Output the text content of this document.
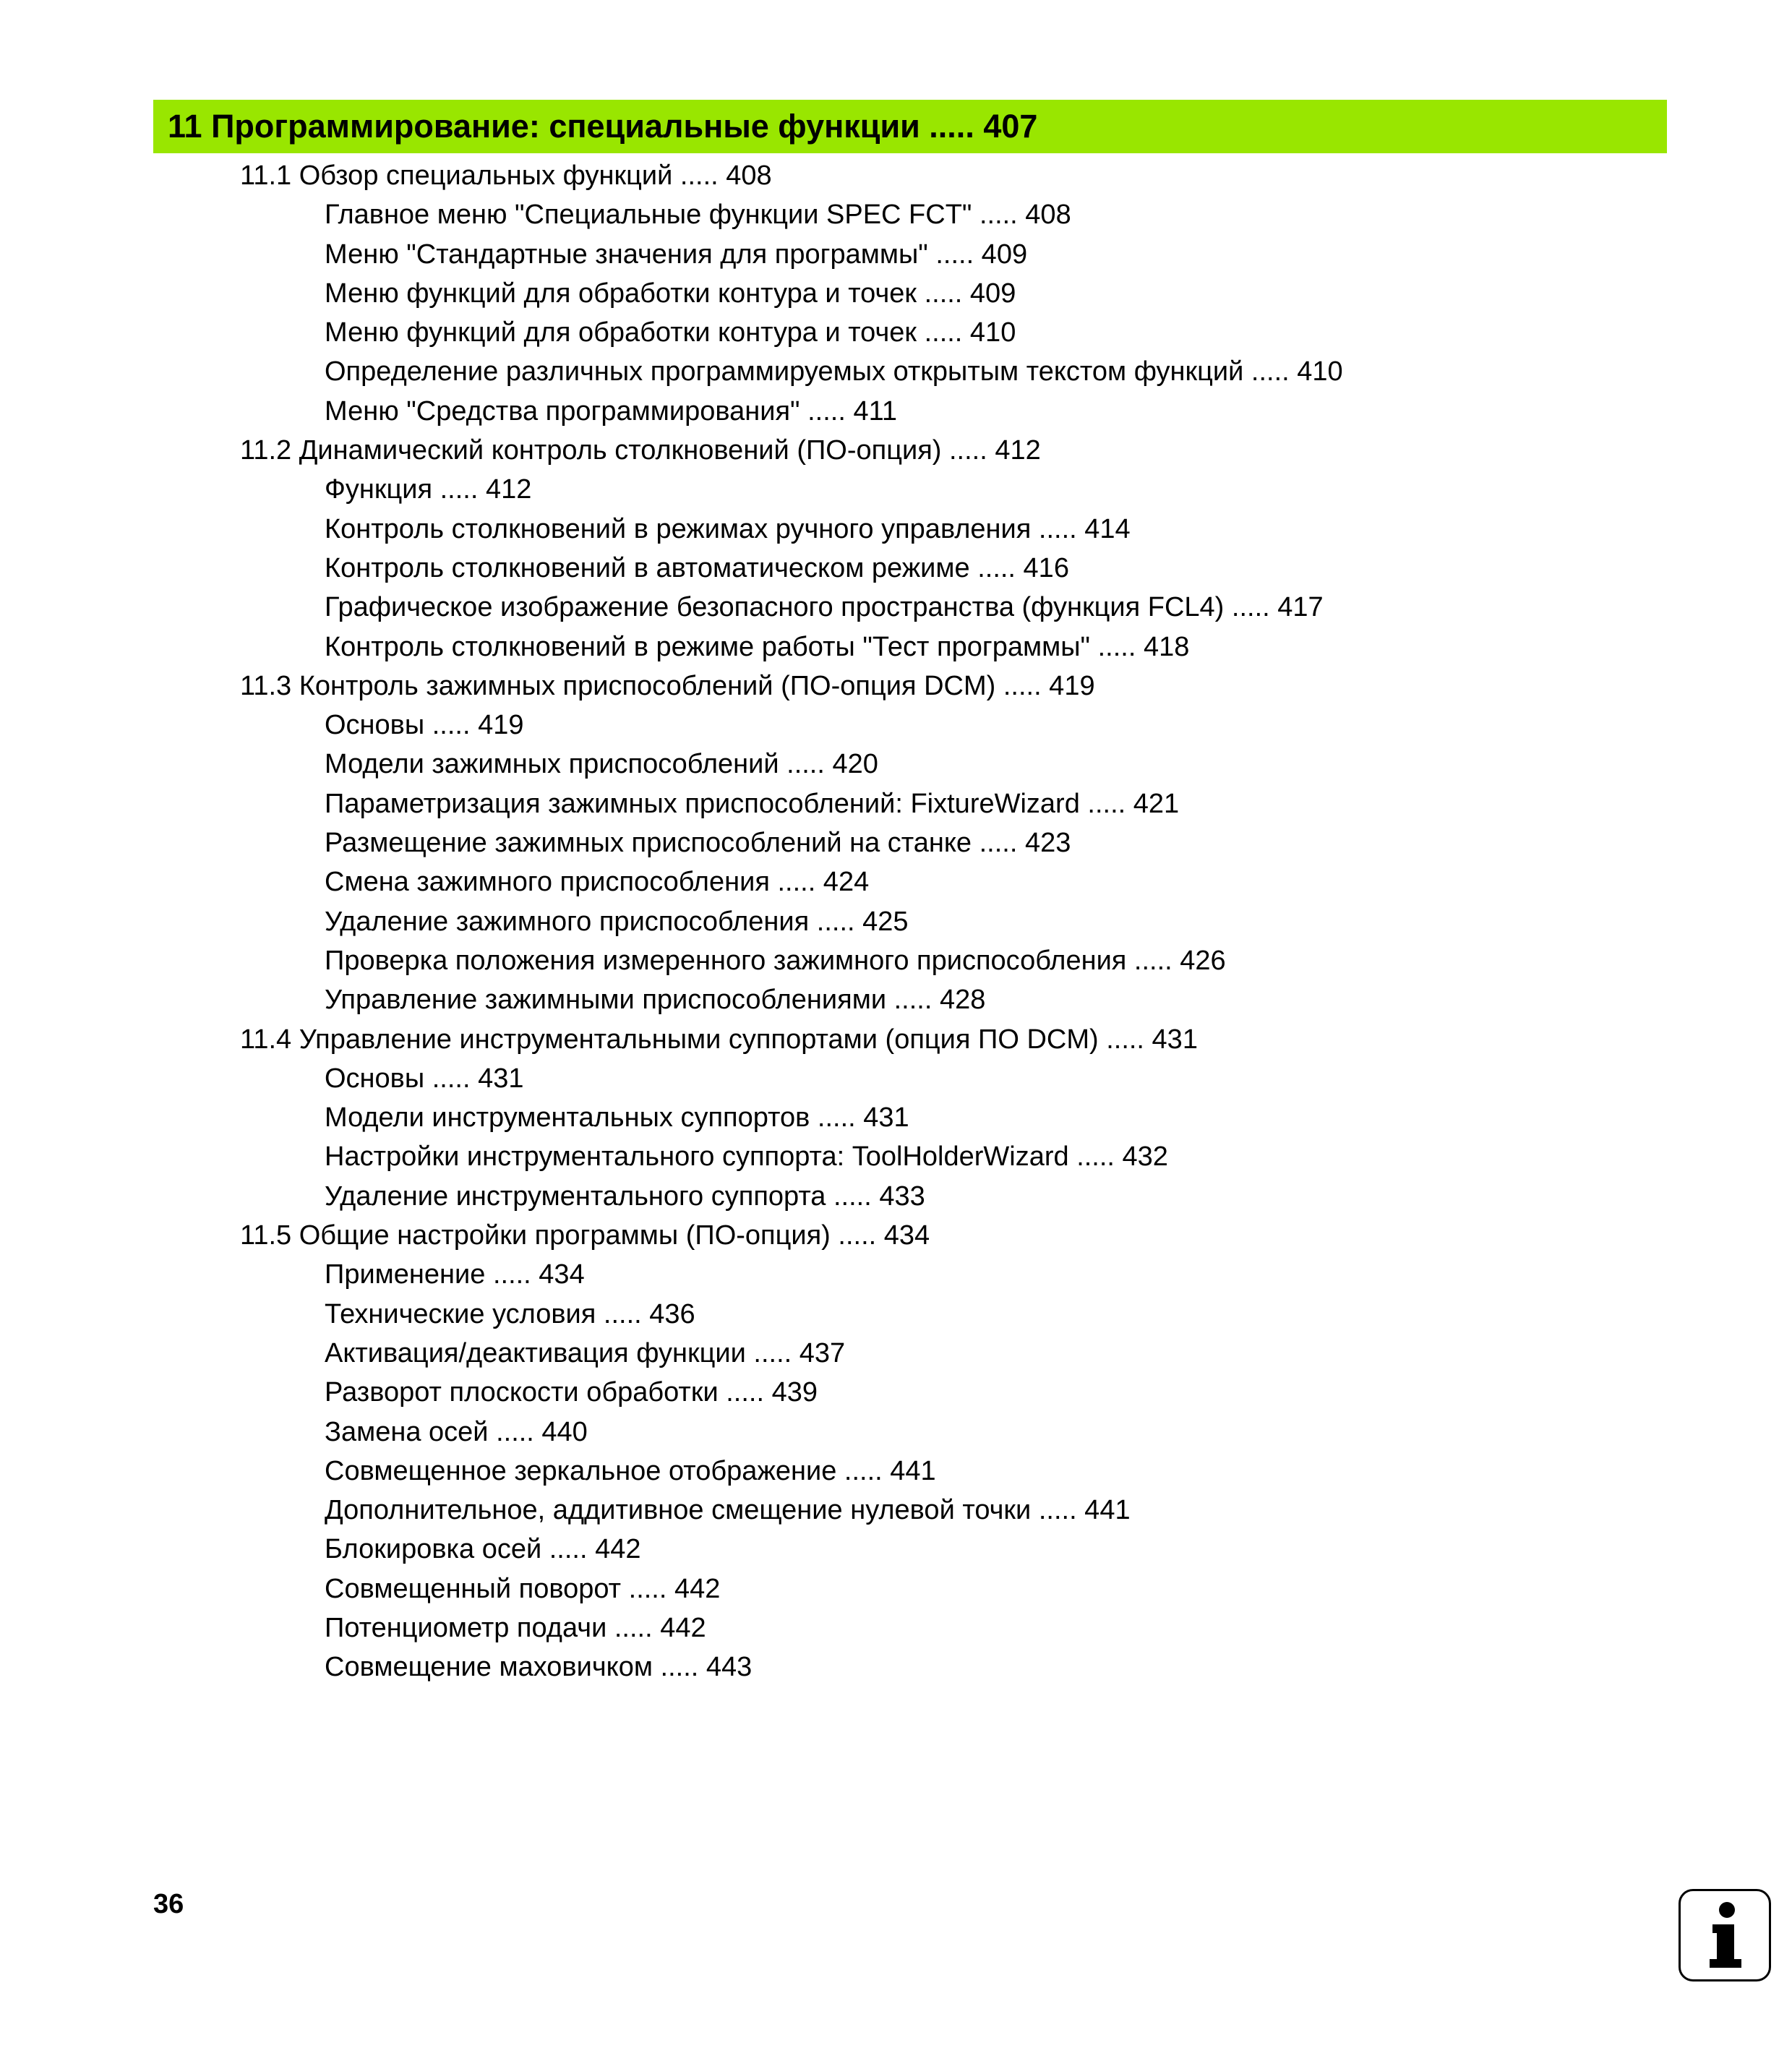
11 Программирование: специальные функции ..... 407
11.1 Обзор специальных функций ..... 408
Главное меню "Специальные функции SPEC FCT" ..... 408
Меню "Стандартные значения для программы" ..... 409
Меню функций для обработки контура и точек ..... 409
Меню функций для обработки контура и точек ..... 410
Определение различных программируемых открытым текстом функций ..... 410
Меню "Средства программирования" ..... 411
11.2 Динамический контроль столкновений (ПО-опция) ..... 412
Функция ..... 412
Контроль столкновений в режимах ручного управления ..... 414
Контроль столкновений в автоматическом режиме ..... 416
Графическое изображение безопасного пространства (функция FCL4) ..... 417
Контроль столкновений в режиме работы "Тест программы" ..... 418
11.3 Контроль зажимных приспособлений (ПО-опция DCM) ..... 419
Основы ..... 419
Модели зажимных приспособлений ..... 420
Параметризация зажимных приспособлений: FixtureWizard ..... 421
Размещение зажимных приспособлений на станке ..... 423
Смена зажимного приспособления ..... 424
Удаление зажимного приспособления ..... 425
Проверка положения измеренного зажимного приспособления ..... 426
Управление зажимными приспособлениями ..... 428
11.4 Управление инструментальными суппортами (опция ПО DCM) ..... 431
Основы ..... 431
Модели инструментальных суппортов ..... 431
Настройки инструментального суппорта: ToolHolderWizard ..... 432
Удаление инструментального суппорта ..... 433
11.5 Общие настройки программы (ПО-опция) ..... 434
Применение ..... 434
Технические условия ..... 436
Активация/деактивация функции ..... 437
Разворот плоскости обработки ..... 439
Замена осей ..... 440
Совмещенное зеркальное отображение ..... 441
Дополнительное, аддитивное смещение нулевой точки ..... 441
Блокировка осей ..... 442
Совмещенный поворот ..... 442
Потенциометр подачи ..... 442
Совмещение маховичком ..... 443
36
